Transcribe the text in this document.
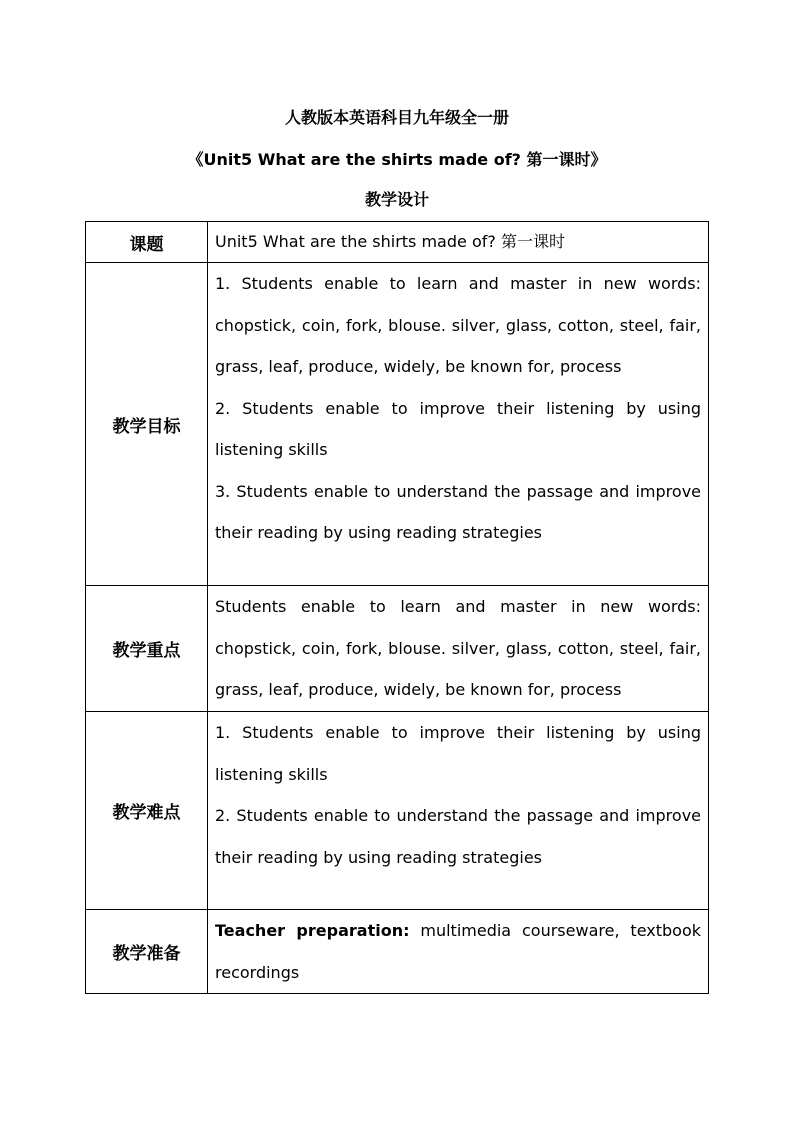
人教版本英语科目九年级全一册
《Unit5 What are the shirts made of? 第一课时》
教学设计
课题	Unit5 What are the shirts made of? 第一课时
教学目标	1. Students enable to learn and master in new words: chopstick, coin, fork, blouse. silver, glass, cotton, steel, fair, grass, leaf, produce, widely, be known for, process
2. Students enable to improve their listening by using listening skills
3. Students enable to understand the passage and improve their reading by using reading strategies

教学重点	Students enable to learn and master in new words: chopstick, coin, fork, blouse. silver, glass, cotton, steel, fair, grass, leaf, produce, widely, be known for, process

教学难点	1. Students enable to improve their listening by using listening skills
2. Students enable to understand the passage and improve their reading by using reading strategies

教学准备	Teacher preparation: multimedia courseware, textbook recordings
